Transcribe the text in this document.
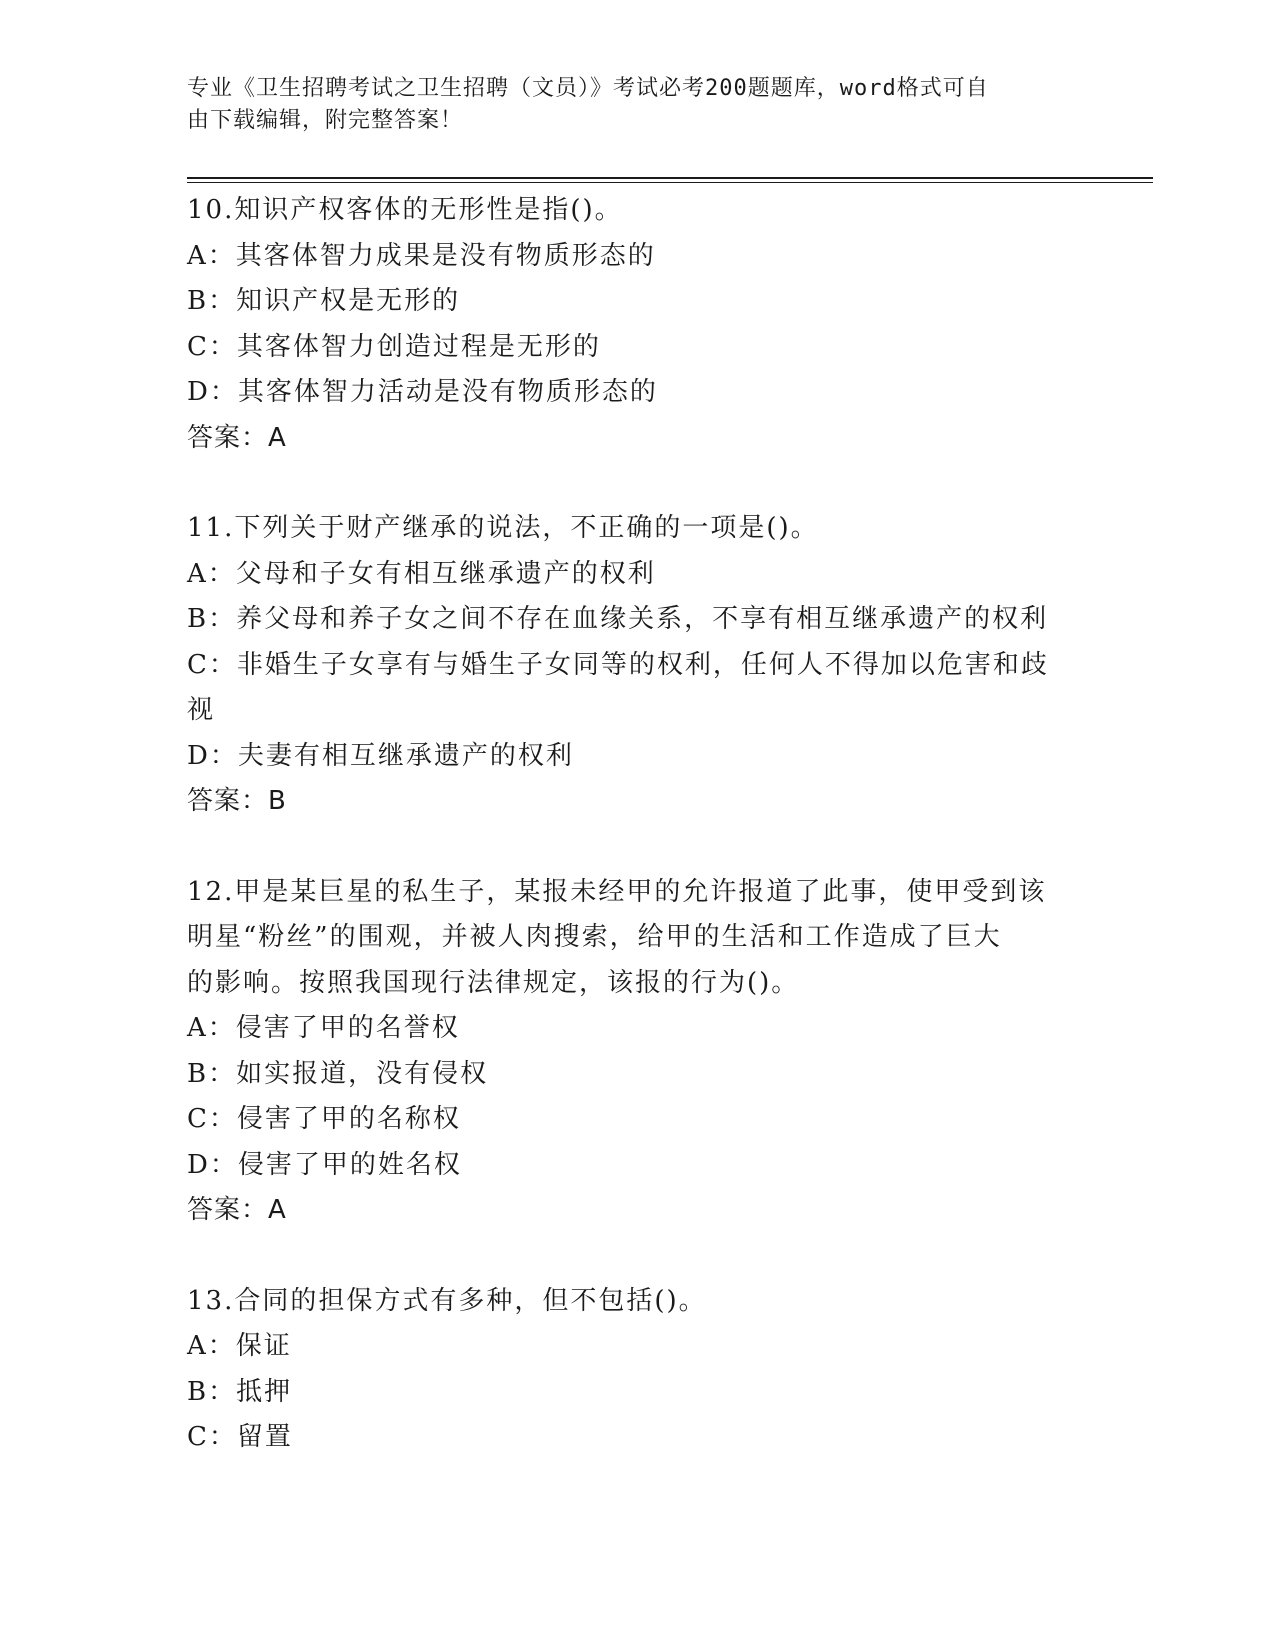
专业《卫生招聘考试之卫生招聘（文员）》考试必考200题题库，word格式可自
由下载编辑，附完整答案！

10.知识产权客体的无形性是指()。

A：其客体智力成果是没有物质形态的

B：知识产权是无形的

C：其客体智力创造过程是无形的

D：其客体智力活动是没有物质形态的

答案：A

11.下列关于财产继承的说法，不正确的一项是()。

A：父母和子女有相互继承遗产的权利

B：养父母和养子女之间不存在血缘关系，不享有相互继承遗产的权利

C：非婚生子女享有与婚生子女同等的权利，任何人不得加以危害和歧

视

D：夫妻有相互继承遗产的权利

答案：B

12.甲是某巨星的私生子，某报未经甲的允许报道了此事，使甲受到该

明星“粉丝”的围观，并被人肉搜索，给甲的生活和工作造成了巨大

的影响。按照我国现行法律规定，该报的行为()。

A：侵害了甲的名誉权

B：如实报道，没有侵权

C：侵害了甲的名称权

D：侵害了甲的姓名权

答案：A

13.合同的担保方式有多种，但不包括()。

A：保证

B：抵押

C：留置
